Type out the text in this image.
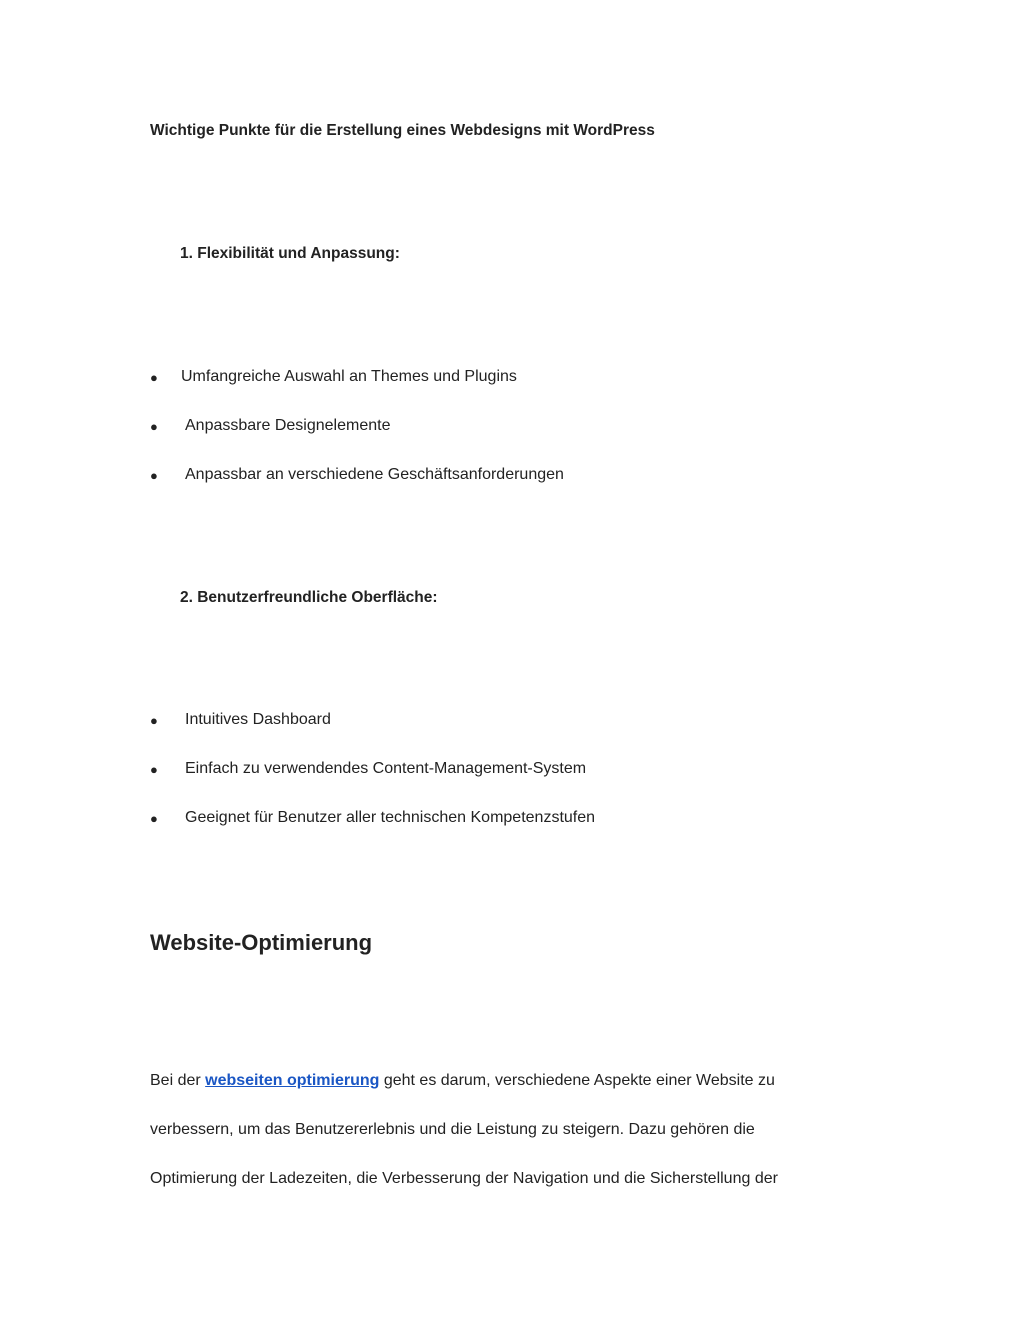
Wichtige Punkte für die Erstellung eines Webdesigns mit WordPress
1. Flexibilität und Anpassung:
● Umfangreiche Auswahl an Themes und Plugins
● Anpassbare Designelemente
● Anpassbar an verschiedene Geschäftsanforderungen
2. Benutzerfreundliche Oberfläche:
● Intuitives Dashboard
● Einfach zu verwendendes Content-Management-System
● Geeignet für Benutzer aller technischen Kompetenzstufen
Website-Optimierung
Bei der webseiten optimierung geht es darum, verschiedene Aspekte einer Website zu
verbessern, um das Benutzererlebnis und die Leistung zu steigern. Dazu gehören die
Optimierung der Ladezeiten, die Verbesserung der Navigation und die Sicherstellung der
